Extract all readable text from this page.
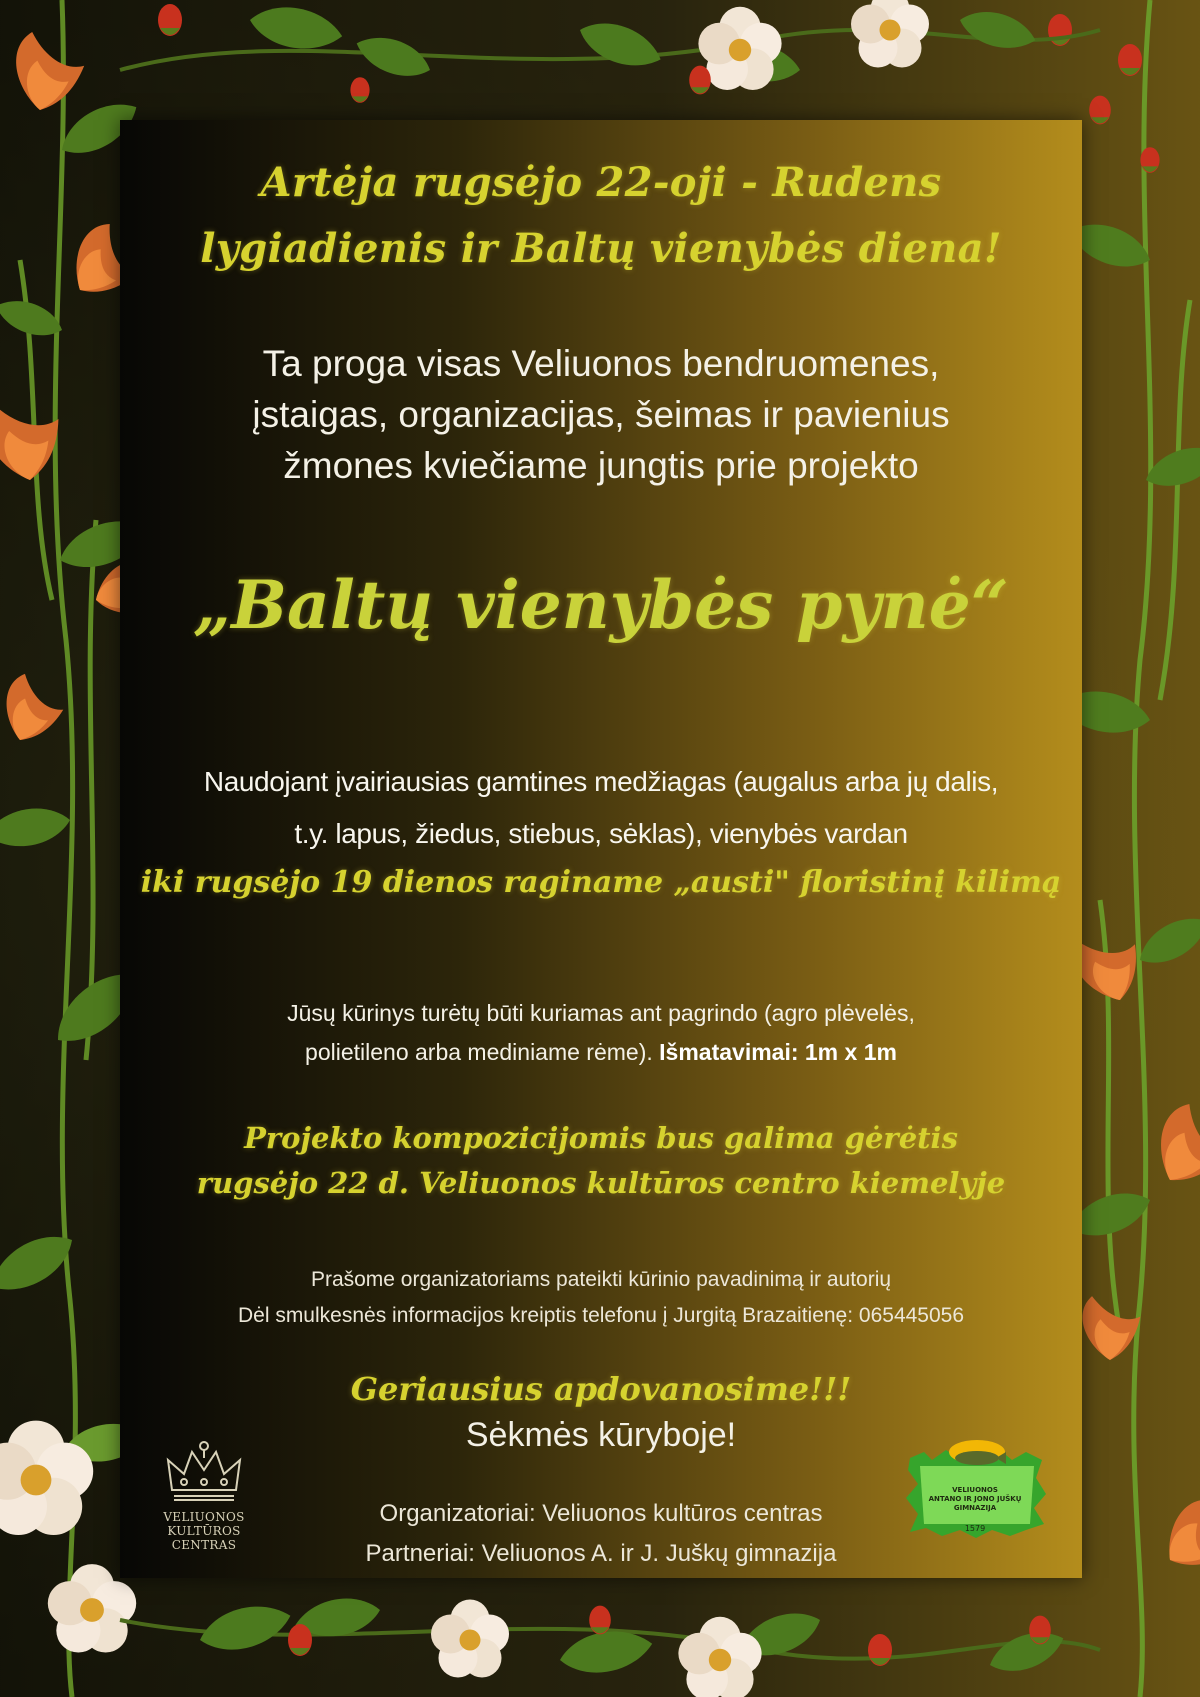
Artėja rugsėjo 22-oji - Rudens
lygiadienis ir Baltų vienybės diena!

Ta proga visas Veliuonos bendruomenes,
įstaigas, organizacijas, šeimas ir pavienius
žmones kviečiame jungtis prie projekto

„Baltų vienybės pynė“

Naudojant įvairiausias gamtines medžiagas (augalus arba jų dalis,
t.y. lapus, žiedus, stiebus, sėklas), vienybės vardan

iki rugsėjo 19 dienos raginame „austi" floristinį kilimą

Jūsų kūrinys turėtų būti kuriamas ant pagrindo (agro plėvelės,
polietileno arba mediniame rėme). Išmatavimai: 1m x 1m

Projekto kompozicijomis bus galima gėrėtis
rugsėjo 22 d. Veliuonos kultūros centro kiemelyje

Prašome organizatoriams pateikti kūrinio pavadinimą ir autorių
Dėl smulkesnės informacijos kreiptis telefonu į Jurgitą Brazaitienę: 065445056

Geriausius apdovanosime!!!

Sėkmės kūryboje!

Organizatoriai: Veliuonos kultūros centras
Partneriai: Veliuonos A. ir J. Juškų gimnazija

VELIUONOS
KULTŪROS
CENTRAS
VELIUONOS
ANTANO IR JONO JUŠKŲ
GIMNAZIJA
1579
